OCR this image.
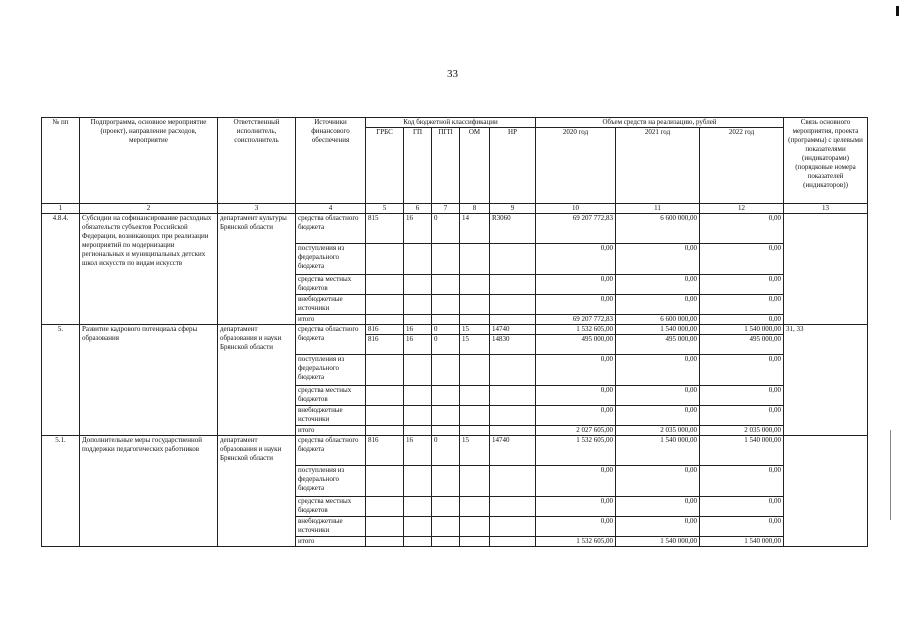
33
№ пп	Подпрограмма, основное мероприятие (проект), направление расходов, мероприятие	Ответственный исполнитель, соисполнитель	Источники финансового обеспечения	Код бюджетной классификации					Объем средств на реализацию, рублей			Связь основного мероприятия, проекта (программы) с целевыми показателями (индикаторами) (порядковые номера показателей (индикаторов))
				ГРБС	ГП	ПГП	ОМ	НР	2020 год	2021 год	2022 год	
1	2	3	4	5	6	7	8	9	10	11	12	13
4.8.4.	Субсидии на софинансирование расходных обязательств субъектов Российской Федерации, возникающих при реализации мероприятий по модернизации региональных и муниципальных детских школ искусств по видам искусств	департамент культуры Брянской области	средства областного бюджета	815	16	0	14	R3060	69 207 772,83	6 600 000,00	0,00	
			поступления из федерального бюджета						0,00	0,00	0,00	
			средства местных бюджетов						0,00	0,00	0,00	
			внебюджетные источники						0,00	0,00	0,00	
			итого						69 207 772,83	6 600 000,00	0,00	
5.	Развитие кадрового потенциала сферы образования	департамент образования и науки Брянской области	средства областного бюджета	816	16	0	15	14740	1 532 605,00	1 540 000,00	1 540 000,00	31, 33
				816	16	0	15	14830	495 000,00	495 000,00	495 000,00	
			поступления из федерального бюджета						0,00	0,00	0,00	
			средства местных бюджетов						0,00	0,00	0,00	
			внебюджетные источники						0,00	0,00	0,00	
			итого						2 027 605,00	2 035 000,00	2 035 000,00	
5.1.	Дополнительные меры государственной поддержки педагогических работников	департамент образования и науки Брянской области	средства областного бюджета	816	16	0	15	14740	1 532 605,00	1 540 000,00	1 540 000,00	
			поступления из федерального бюджета						0,00	0,00	0,00	
			средства местных бюджетов						0,00	0,00	0,00	
			внебюджетные источники						0,00	0,00	0,00	
			итого						1 532 605,00	1 540 000,00	1 540 000,00	
